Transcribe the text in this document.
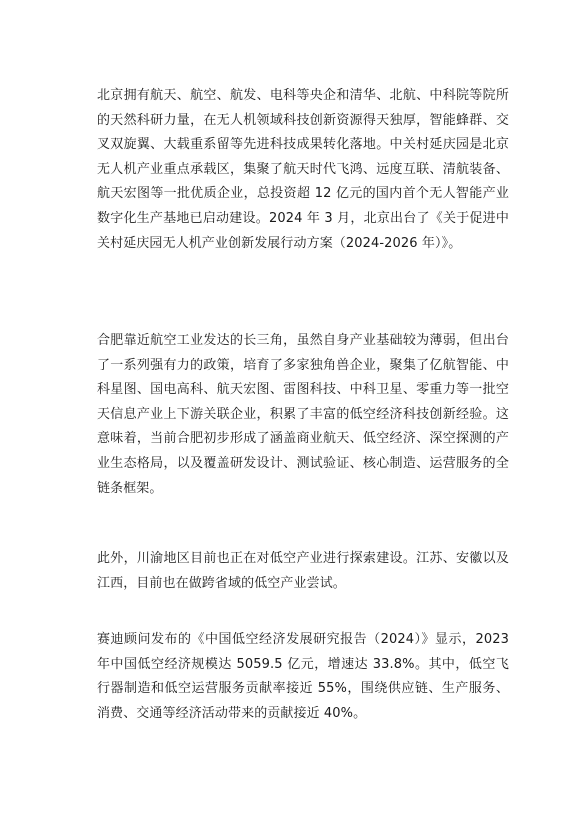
北京拥有航天、航空、航发、电科等央企和清华、北航、中科院等院所的天然科研力量，在无人机领域科技创新资源得天独厚，智能蜂群、交叉双旋翼、大载重系留等先进科技成果转化落地。中关村延庆园是北京无人机产业重点承载区，集聚了航天时代飞鸿、远度互联、清航装备、航天宏图等一批优质企业，总投资超 12 亿元的国内首个无人智能产业数字化生产基地已启动建设。2024 年 3 月，北京出台了《关于促进中关村延庆园无人机产业创新发展行动方案（2024-2026 年）》。

合肥靠近航空工业发达的长三角，虽然自身产业基础较为薄弱，但出台了一系列强有力的政策，培育了多家独角兽企业，聚集了亿航智能、中科星图、国电高科、航天宏图、雷图科技、中科卫星、零重力等一批空天信息产业上下游关联企业，积累了丰富的低空经济科技创新经验。这意味着，当前合肥初步形成了涵盖商业航天、低空经济、深空探测的产业生态格局，以及覆盖研发设计、测试验证、核心制造、运营服务的全链条框架。

此外，川渝地区目前也正在对低空产业进行探索建设。江苏、安徽以及江西，目前也在做跨省域的低空产业尝试。

赛迪顾问发布的《中国低空经济发展研究报告（2024）》显示，2023 年中国低空经济规模达 5059.5 亿元，增速达 33.8%。其中，低空飞行器制造和低空运营服务贡献率接近 55%，围绕供应链、生产服务、消费、交通等经济活动带来的贡献接近 40%。
